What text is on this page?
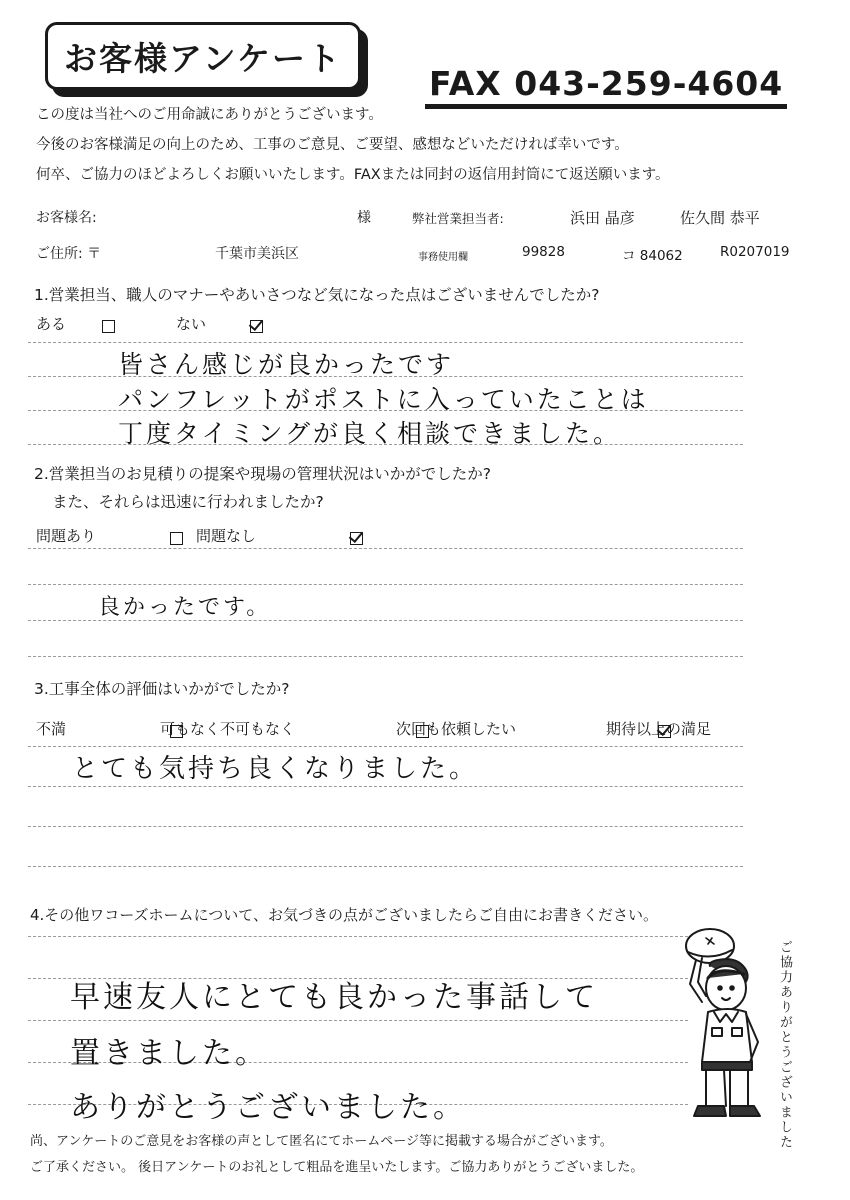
お客様アンケート
FAX 043-259-4604
この度は当社へのご用命誠にありがとうございます。
今後のお客様満足の向上のため、工事のご意見、ご要望、感想などいただければ幸いです。
何卒、ご協力のほどよろしくお願いいたします。FAXまたは同封の返信用封筒にて返送願います。
お客様名:	様	弊社営業担当者:	浜田 晶彦	佐久間 恭平
ご住所: 〒	千葉市美浜区	事務使用欄	99828	コ 84062	R0207019
1.営業担当、職人のマナーやあいさつなど気になった点はございませんでしたか?
ある
	ない

皆さん感じが良かったです
パンフレットがポストに入っていたことは
丁度タイミングが良く相談できました。
2.営業担当のお見積りの提案や現場の管理状況はいかがでしたか?
また、それらは迅速に行われましたか?
問題あり
	問題なし

良かったです。
3.工事全体の評価はいかがでしたか?
不満
	可もなく不可もなく
	次回も依頼したい
	期待以上の満足
とても気持ち良くなりました。
4.その他ワコーズホームについて、お気づきの点がございましたらご自由にお書きください。
早速友人にとても良かった事話して
置きました。
ありがとうございました。	ご協力ありがとうございました
尚、アンケートのご意見をお客様の声として匿名にてホームページ等に掲載する場合がございます。
ご了承ください。 後日アンケートのお礼として粗品を進呈いたします。ご協力ありがとうございました。
